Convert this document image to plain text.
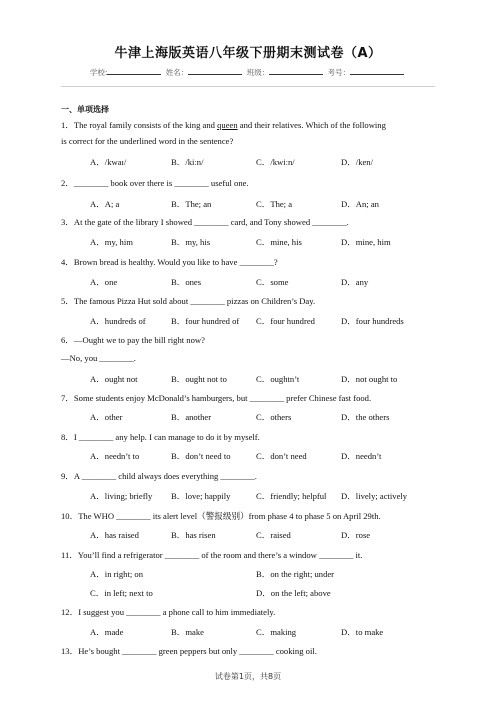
牛津上海版英语八年级下册期末测试卷（A）
学校:	姓名：	班级：	考号：
一、单项选择
1．The royal family consists of the king and queen and their relatives. Which of the following
is correct for the underlined word in the sentence?
A．/kwaɪ/	B．/kiːn/	C．/kwiːn/	D．/ken/
2．________ book over there is ________ useful one.
A．A; a	B．The; an	C．The; a	D．An; an
3．At the gate of the library I showed ________ card, and Tony showed ________.
A．my, him	B．my, his	C．mine, his	D．mine, him
4．Brown bread is healthy. Would you like to have ________?
A．one	B．ones	C．some	D．any
5．The famous Pizza Hut sold about ________ pizzas on Children’s Day.
A．hundreds of	B．four hundred of C．four hundred	D．four hundreds
6．—Ought we to pay the bill right now?
—No, you ________.
A．ought not	B．ought not to	C．oughtn’t	D．not ought to
7．Some students enjoy McDonald’s hamburgers, but ________ prefer Chinese fast food.
A．other	B．another	C．others	D．the others
8．I ________ any help. I can manage to do it by myself.
A．needn’t to	B．don’t need to	C．don’t need	D．needn’t
9．A ________ child always does everything ________.
A．living; briefly B．love; happily	C．friendly; helpful D．lively; actively
10．The WHO ________ its alert level（警报级别）from phase 4 to phase 5 on April 29th.
A．has raised	B．has risen	C．raised	D．rose
11．You’ll find a refrigerator ________ of the room and there’s a window ________ it.
A．in right; on	B．on the right; under
C．in left; next to	D．on the left; above
12．I suggest you ________ a phone call to him immediately.
A．made	B．make	C．making	D．to make
13．He’s bought ________ green peppers but only ________ cooking oil.
试卷第1页，共8页
